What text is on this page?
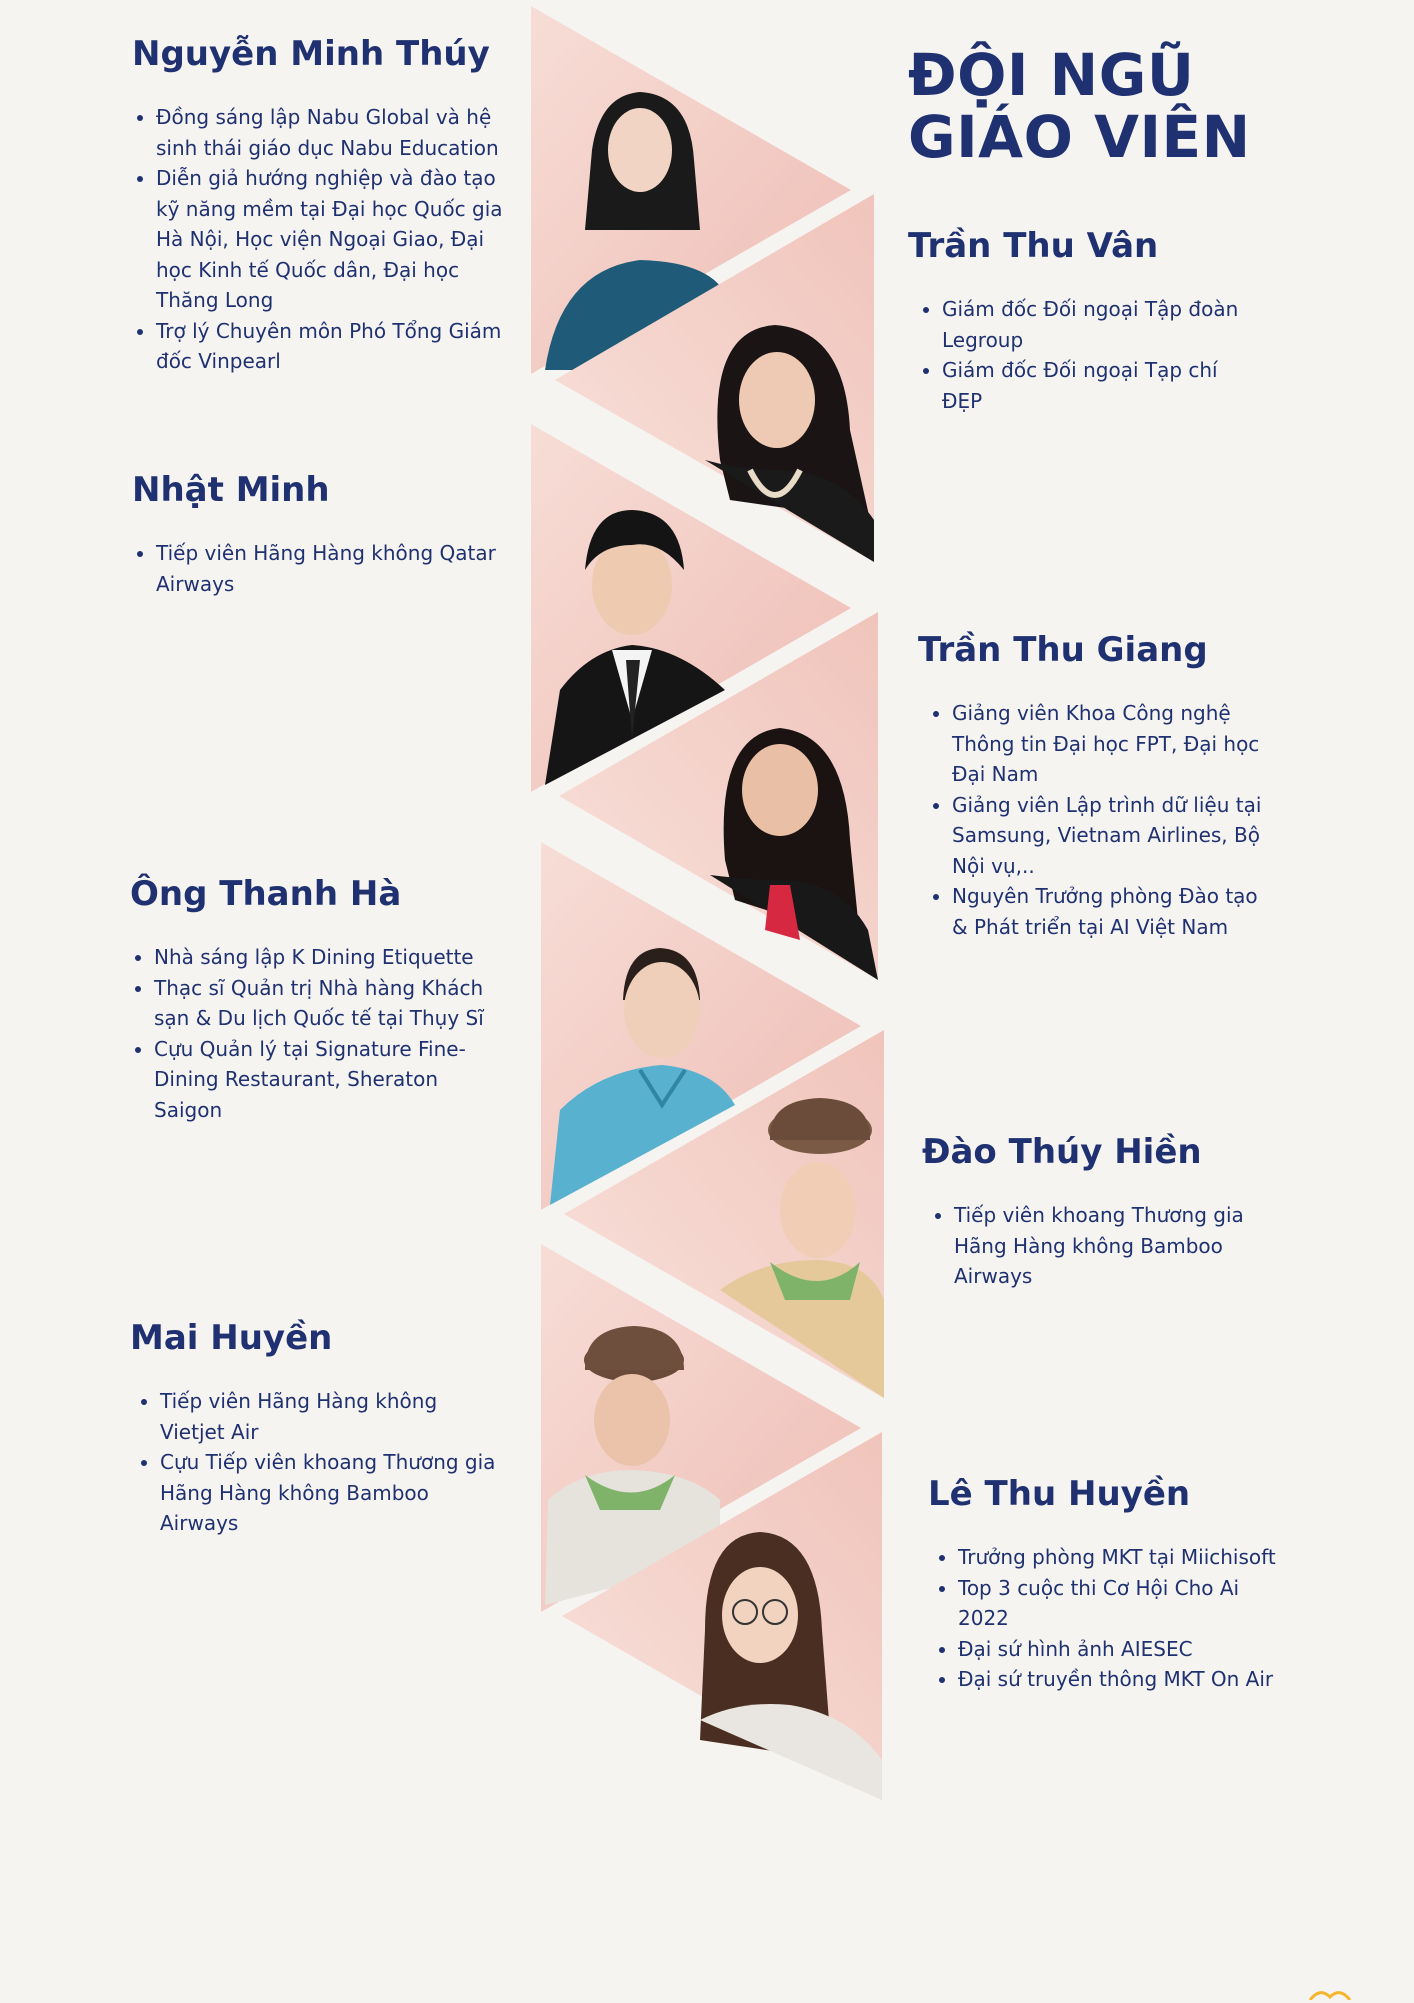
ĐỘI NGŨ
GIÁO VIÊN
Nguyễn Minh Thúy
• Đồng sáng lập Nabu Global và hệ sinh thái giáo dục Nabu Education
• Diễn giả hướng nghiệp và đào tạo kỹ năng mềm tại Đại học Quốc gia Hà Nội, Học viện Ngoại Giao, Đại học Kinh tế Quốc dân, Đại học Thăng Long
• Trợ lý Chuyên môn Phó Tổng Giám đốc Vinpearl
Trần Thu Vân
• Giám đốc Đối ngoại Tập đoàn Legroup
• Giám đốc Đối ngoại Tạp chí ĐẸP
Nhật Minh
• Tiếp viên Hãng Hàng không Qatar Airways
Trần Thu Giang
• Giảng viên Khoa Công nghệ Thông tin Đại học FPT, Đại học Đại Nam
• Giảng viên Lập trình dữ liệu tại Samsung, Vietnam Airlines, Bộ Nội vụ,..
• Nguyên Trưởng phòng Đào tạo & Phát triển tại AI Việt Nam
Ông Thanh Hà
• Nhà sáng lập K Dining Etiquette
• Thạc sĩ Quản trị Nhà hàng Khách sạn & Du lịch Quốc tế tại Thụy Sĩ
• Cựu Quản lý tại Signature Fine-Dining Restaurant, Sheraton Saigon
Đào Thúy Hiền
• Tiếp viên khoang Thương gia Hãng Hàng không Bamboo Airways
Mai Huyền
• Tiếp viên Hãng Hàng không Vietjet Air
• Cựu Tiếp viên khoang Thương gia Hãng Hàng không Bamboo Airways
Lê Thu Huyền
• Trưởng phòng MKT tại Miichisoft
• Top 3 cuộc thi Cơ Hội Cho Ai 2022
• Đại sứ hình ảnh AIESEC
• Đại sứ truyền thông MKT On Air
